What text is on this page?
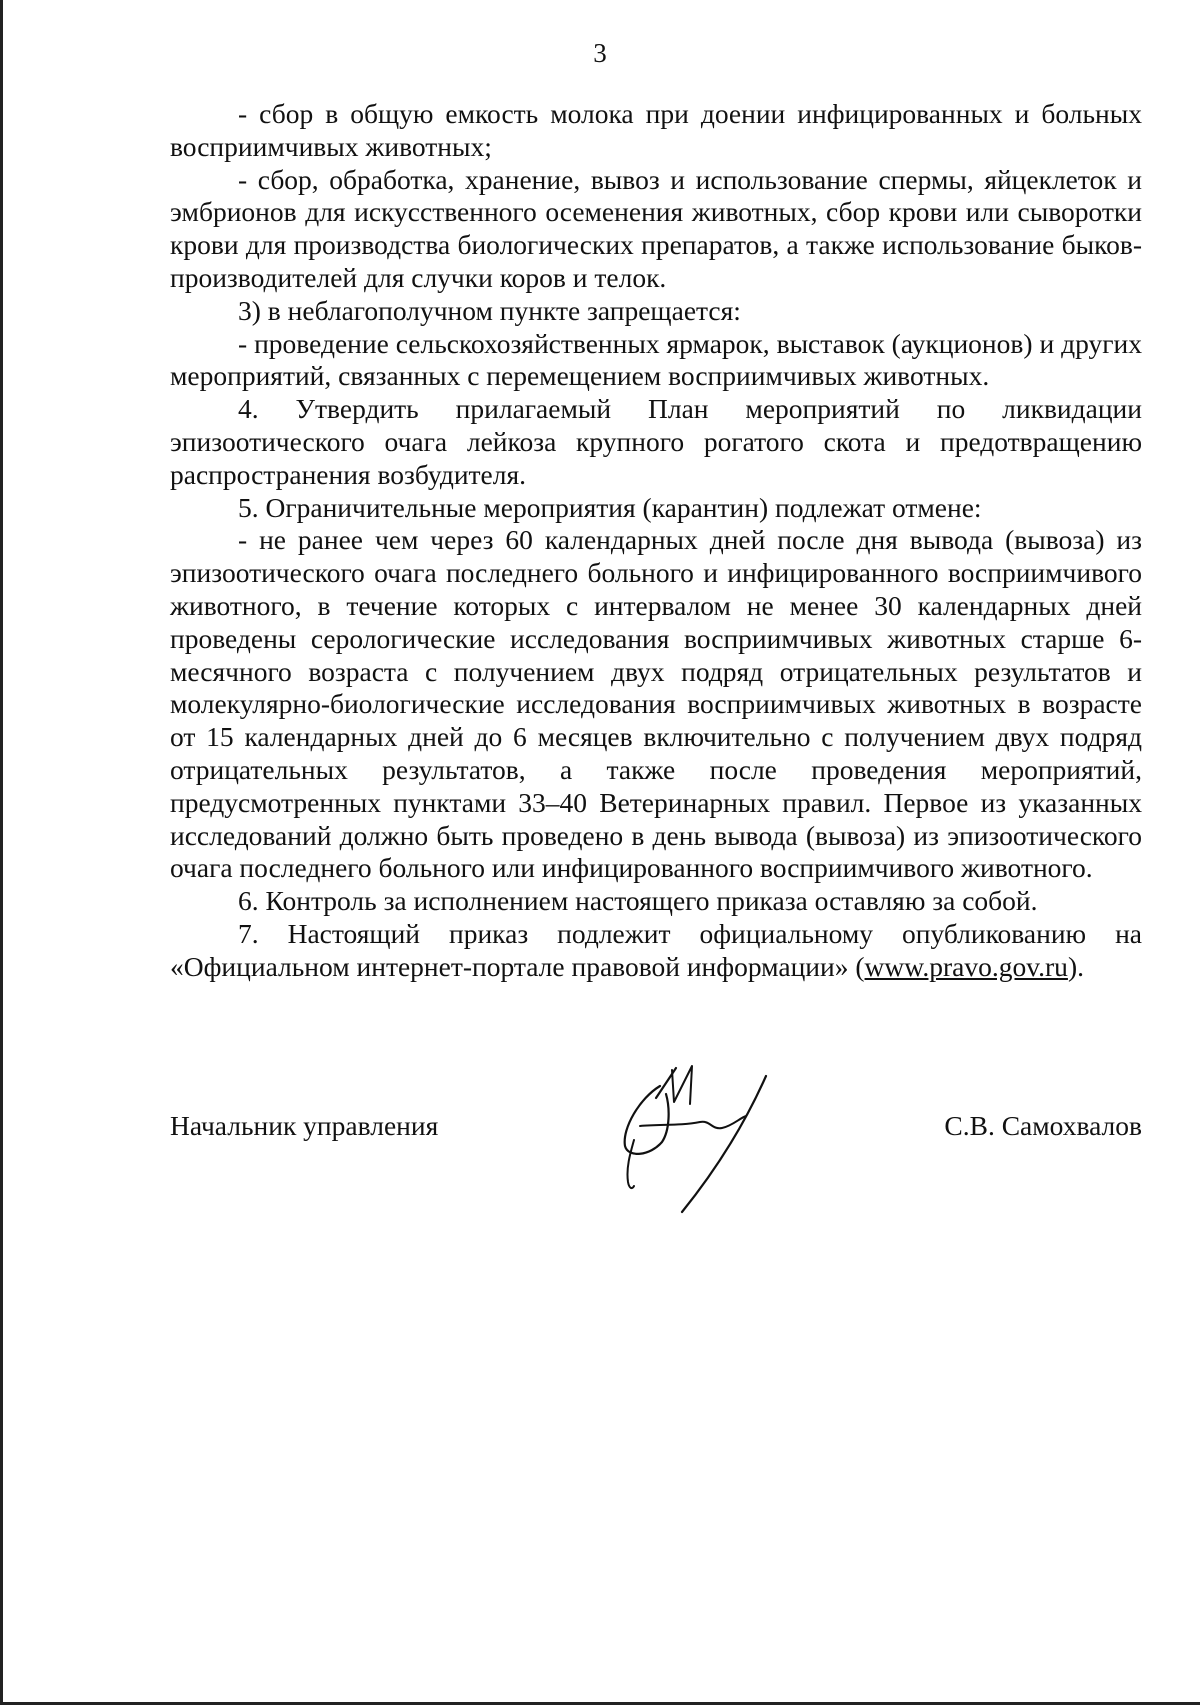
3

- сбор в общую емкость молока при доении инфицированных и больных восприимчивых животных;

- сбор, обработка, хранение, вывоз и использование спермы, яйцеклеток и эмбрионов для искусственного осеменения животных, сбор крови или сыворотки крови для производства биологических препаратов, а также использование быков-производителей для случки коров и телок.

3) в неблагополучном пункте запрещается:

- проведение сельскохозяйственных ярмарок, выставок (аукционов) и других мероприятий, связанных с перемещением восприимчивых животных.

4. Утвердить прилагаемый План мероприятий по ликвидации эпизоотического очага лейкоза крупного рогатого скота и предотвращению распространения возбудителя.

5. Ограничительные мероприятия (карантин) подлежат отмене:

- не ранее чем через 60 календарных дней после дня вывода (вывоза) из эпизоотического очага последнего больного и инфицированного восприимчивого животного, в течение которых с интервалом не менее 30 календарных дней проведены серологические исследования восприимчивых животных старше 6-месячного возраста с получением двух подряд отрицательных результатов и молекулярно-биологические исследования восприимчивых животных в возрасте от 15 календарных дней до 6 месяцев включительно с получением двух подряд отрицательных результатов, а также после проведения мероприятий, предусмотренных пунктами 33–40 Ветеринарных правил. Первое из указанных исследований должно быть проведено в день вывода (вывоза) из эпизоотического очага последнего больного или инфицированного восприимчивого животного.

6. Контроль за исполнением настоящего приказа оставляю за собой.

7. Настоящий приказ подлежит официальному опубликованию на «Официальном интернет-портале правовой информации» (www.pravo.gov.ru).

Начальник управления	С.В. Самохвалов
